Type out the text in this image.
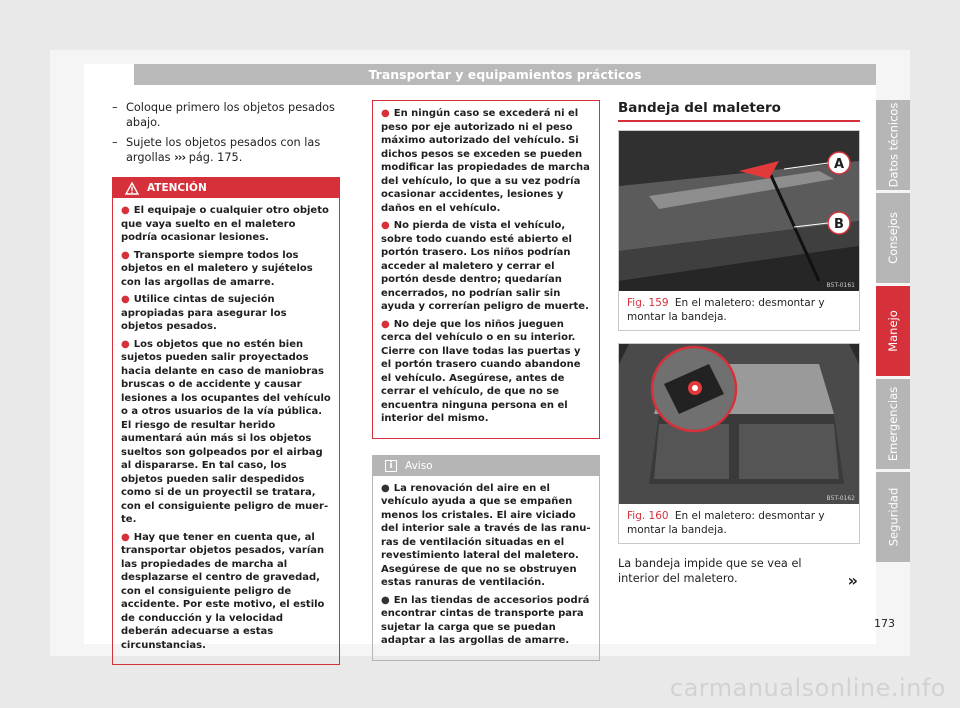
Transportar y equipamientos prácticos
– Coloque primero los objetos pesados abajo.
– Sujete los objetos pesados con las argollas ››› pág. 175.
ATENCIÓN
● El equipaje o cualquier otro objeto que vaya suelto en el maletero podría ocasionar lesiones.
● Transporte siempre todos los objetos en el maletero y sujételos con las argollas de amarre.
● Utilice cintas de sujeción apropiadas para asegurar los objetos pesados.
● Los objetos que no estén bien sujetos pueden salir proyectados hacia delante en caso de maniobras bruscas o de accidente y causar lesiones a los ocupantes del vehículo o a otros usuarios de la vía pública. El riesgo de resultar herido aumentará aún más si los objetos sueltos son golpeados por el airbag al dispararse. En tal caso, los objetos pueden salir despedidos como si de un proyectil se tratara, con el consiguiente peligro de muerte.
● Hay que tener en cuenta que, al transportar objetos pesados, varían las propiedades de marcha al desplazarse el centro de gravedad, con el consiguiente peligro de accidente. Por este motivo, el estilo de conducción y la velocidad deberán adecuarse a estas circunstancias.
● En ningún caso se excederá ni el peso por eje autorizado ni el peso máximo autorizado del vehículo. Si dichos pesos se exceden se pueden modificar las propiedades de marcha del vehículo, lo que a su vez podría ocasionar accidentes, lesiones y daños en el vehículo.
● No pierda de vista el vehículo, sobre todo cuando esté abierto el portón trasero. Los niños podrían acceder al maletero y cerrar el portón desde dentro; quedarían encerrados, no podrían salir sin ayuda y correrían peligro de muerte.
● No deje que los niños jueguen cerca del vehículo o en su interior. Cierre con llave todas las puertas y el portón trasero cuando abandone el vehículo. Asegúrese, antes de cerrar el vehículo, de que no se encuentra ninguna persona en el interior del mismo.
i	Aviso
● La renovación del aire en el vehículo ayuda a que se empañen menos los cristales. El aire viciado del interior sale a través de las ranuras de ventilación situadas en el revestimiento lateral del maletero. Asegúrese de que no se obstruyen estas ranuras de ventilación.
● En las tiendas de accesorios podrá encontrar cintas de transporte para sujetar la carga que se puedan adaptar a las argollas de amarre.
Bandeja del maletero
A
B
B5T-0161
Fig. 159 En el maletero: desmontar y montar la bandeja.
B5T-0162
Fig. 160 En el maletero: desmontar y montar la bandeja.
La bandeja impide que se vea el interior del maletero.	»
Datos técnicos
Consejos
Manejo
Emergencias
Seguridad
173
carmanualsonline.info
